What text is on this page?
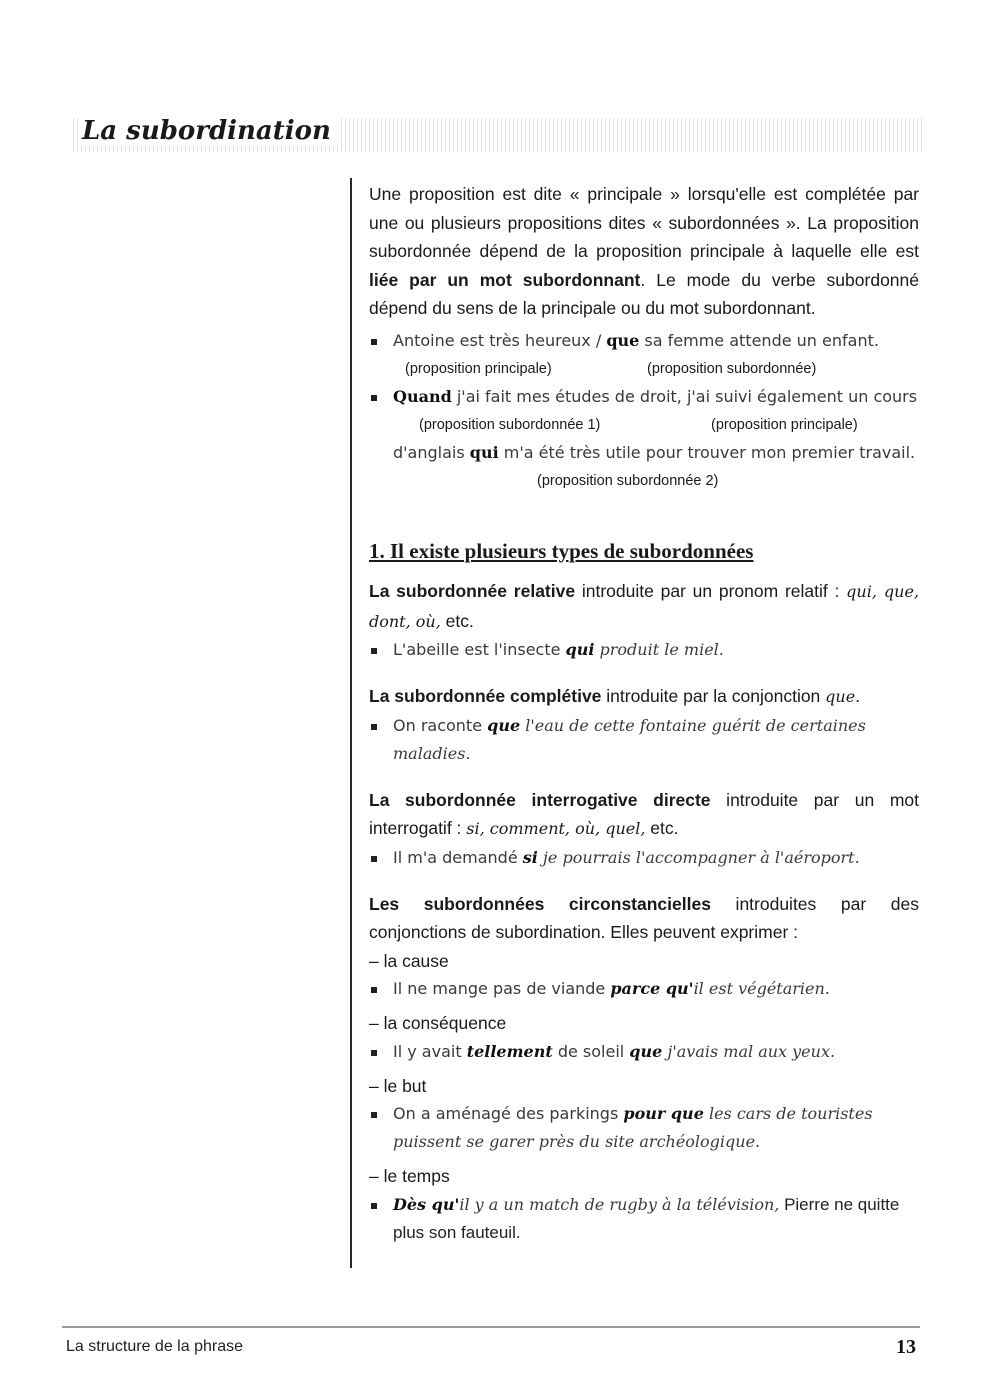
La subordination

Une proposition est dite « principale » lorsqu'elle est complétée par une ou plusieurs propositions dites « subordonnées ». La proposition subordonnée dépend de la proposition principale à laquelle elle est liée par un mot subordonnant. Le mode du verbe subordonné dépend du sens de la principale ou du mot subordonnant.

Antoine est très heureux / que sa femme attende un enfant.
(proposition principale)	(proposition subordonnée)
Quand j'ai fait mes études de droit, j'ai suivi également un cours
(proposition subordonnée 1)	(proposition principale)
d'anglais qui m'a été très utile pour trouver mon premier travail.
(proposition subordonnée 2)
1. Il existe plusieurs types de subordonnées

La subordonnée relative introduite par un pronom relatif : qui, que, dont, où, etc.

L'abeille est l'insecte qui produit le miel.

La subordonnée complétive introduite par la conjonction que.

On raconte que l'eau de cette fontaine guérit de certaines maladies.

La subordonnée interrogative directe introduite par un mot interrogatif : si, comment, où, quel, etc.

Il m'a demandé si je pourrais l'accompagner à l'aéroport.

Les subordonnées circonstancielles introduites par des conjonctions de subordination. Elles peuvent exprimer :

– la cause
Il ne mange pas de viande parce qu'il est végétarien.
– la conséquence
Il y avait tellement de soleil que j'avais mal aux yeux.
– le but
On a aménagé des parkings pour que les cars de touristes puissent se garer près du site archéologique.
– le temps
Dès qu'il y a un match de rugby à la télévision, Pierre ne quitte plus son fauteuil.
La structure de la phrase	13
